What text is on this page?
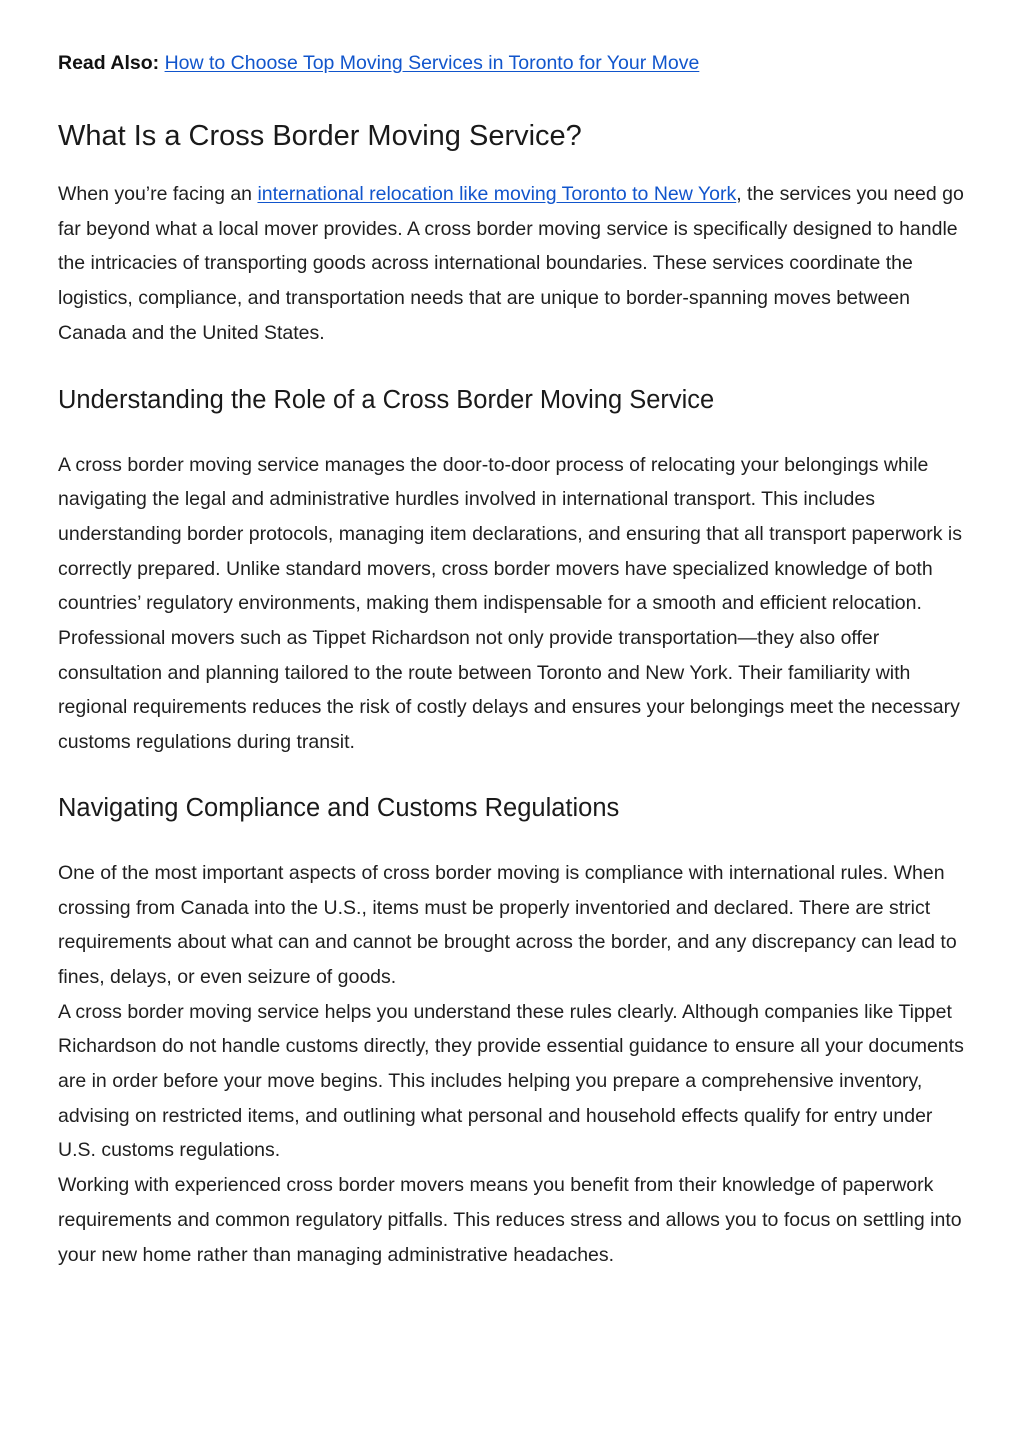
Read Also: How to Choose Top Moving Services in Toronto for Your Move

What Is a Cross Border Moving Service?

When you’re facing an international relocation like moving Toronto to New York, the services you need go far beyond what a local mover provides. A cross border moving service is specifically designed to handle the intricacies of transporting goods across international boundaries. These services coordinate the logistics, compliance, and transportation needs that are unique to border-spanning moves between Canada and the United States.

Understanding the Role of a Cross Border Moving Service

A cross border moving service manages the door-to-door process of relocating your belongings while navigating the legal and administrative hurdles involved in international transport. This includes understanding border protocols, managing item declarations, and ensuring that all transport paperwork is correctly prepared. Unlike standard movers, cross border movers have specialized knowledge of both countries’ regulatory environments, making them indispensable for a smooth and efficient relocation.

Professional movers such as Tippet Richardson not only provide transportation—they also offer consultation and planning tailored to the route between Toronto and New York. Their familiarity with regional requirements reduces the risk of costly delays and ensures your belongings meet the necessary customs regulations during transit.

Navigating Compliance and Customs Regulations

One of the most important aspects of cross border moving is compliance with international rules. When crossing from Canada into the U.S., items must be properly inventoried and declared. There are strict requirements about what can and cannot be brought across the border, and any discrepancy can lead to fines, delays, or even seizure of goods.

A cross border moving service helps you understand these rules clearly. Although companies like Tippet Richardson do not handle customs directly, they provide essential guidance to ensure all your documents are in order before your move begins. This includes helping you prepare a comprehensive inventory, advising on restricted items, and outlining what personal and household effects qualify for entry under U.S. customs regulations.

Working with experienced cross border movers means you benefit from their knowledge of paperwork requirements and common regulatory pitfalls. This reduces stress and allows you to focus on settling into your new home rather than managing administrative headaches.
